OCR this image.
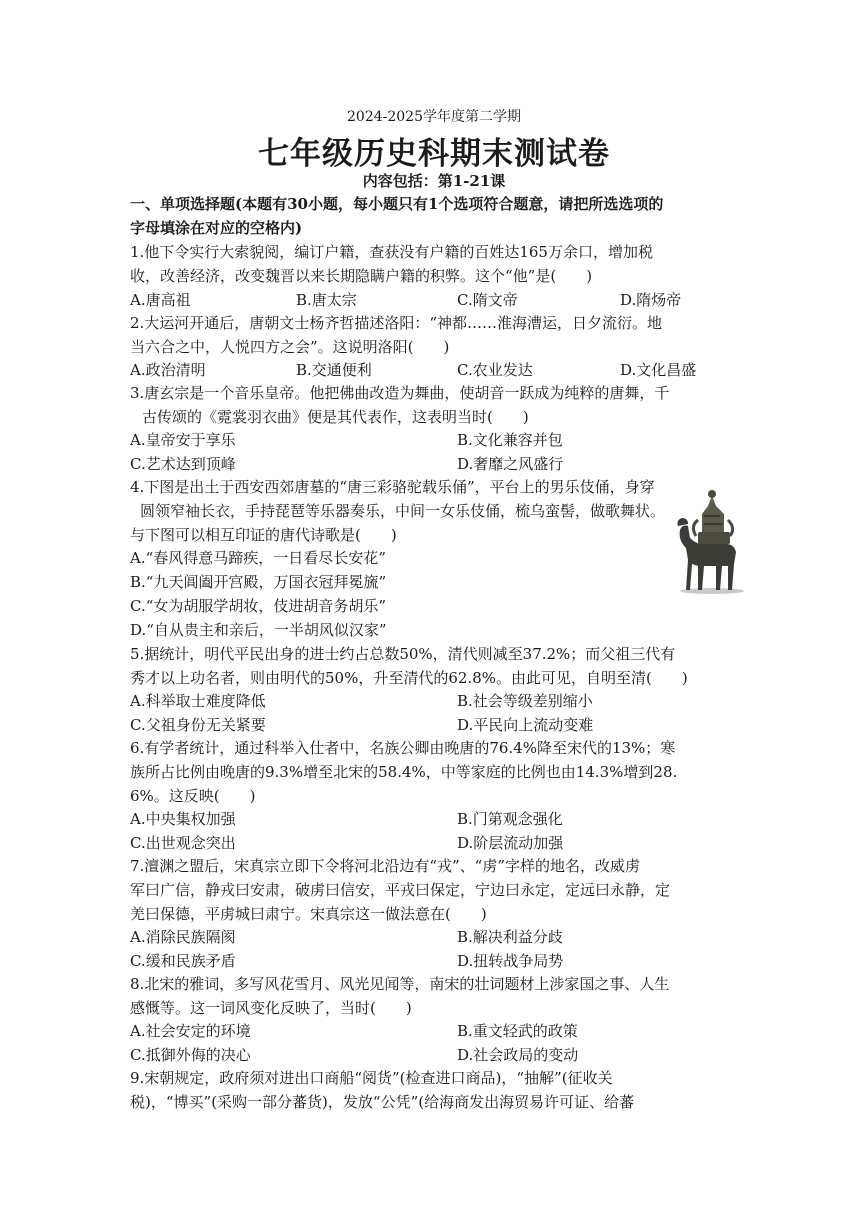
2024-2025学年度第二学期
七年级历史科期末测试卷
内容包括：第1-21课
一、单项选择题(本题有30小题，每小题只有1个选项符合题意，请把所选选项的
字母填涂在对应的空格内)

1.他下令实行大索貌阅，编订户籍，查获没有户籍的百姓达165万余口，增加税

收，改善经济，改变魏晋以来长期隐瞒户籍的积弊。这个“他”是(　　)

A.唐高祖	B.唐太宗	C.隋文帝	D.隋炀帝

2.大运河开通后，唐朝文士杨齐哲描述洛阳：“神都……淮海漕运，日夕流衍。地

当六合之中，人悦四方之会”。这说明洛阳(　　)

A.政治清明	B.交通便利	C.农业发达	D.文化昌盛

3.唐玄宗是一个音乐皇帝。他把佛曲改造为舞曲，使胡音一跃成为纯粹的唐舞，千

古传颂的《霓裳羽衣曲》便是其代表作，这表明当时(　　)

A.皇帝安于享乐	B.文化兼容并包
C.艺术达到顶峰	D.奢靡之风盛行

4.下图是出土于西安西郊唐墓的“唐三彩骆驼载乐俑”，平台上的男乐伎俑，身穿

圆领窄袖长衣，手持琵琶等乐器奏乐，中间一女乐伎俑，梳乌蛮髻，做歌舞状。

与下图可以相互印证的唐代诗歌是(　　)

A.“春风得意马蹄疾，一日看尽长安花”
B.“九天阊阖开宫殿，万国衣冠拜冕旒”
C.“女为胡服学胡妆，伎进胡音务胡乐”
D.“自从贵主和亲后，一半胡风似汉家”

5.据统计，明代平民出身的进士约占总数50%，清代则减至37.2%；而父祖三代有

秀才以上功名者，则由明代的50%，升至清代的62.8%。由此可见，自明至清(　　)

A.科举取士难度降低	B.社会等级差别缩小
C.父祖身份无关紧要	D.平民向上流动变难

6.有学者统计，通过科举入仕者中，名族公卿由晚唐的76.4%降至宋代的13%；寒

族所占比例由晚唐的9.3%增至北宋的58.4%，中等家庭的比例也由14.3%增到28.

6%。这反映(　　)

A.中央集权加强	B.门第观念强化
C.出世观念突出	D.阶层流动加强

7.澶渊之盟后，宋真宗立即下令将河北沿边有“戎”、“虏”字样的地名，改威虏

军曰广信，静戎曰安肃，破虏曰信安，平戎曰保定，宁边曰永定，定远曰永静，定

羌曰保德，平虏城曰肃宁。宋真宗这一做法意在(　　)

A.消除民族隔阂	B.解决利益分歧
C.缓和民族矛盾	D.扭转战争局势

8.北宋的雅词，多写风花雪月、风光见闻等，南宋的壮词题材上涉家国之事、人生

感慨等。这一词风变化反映了，当时(　　)

A.社会安定的环境	B.重文轻武的政策
C.抵御外侮的决心	D.社会政局的变动

9.宋朝规定，政府须对进出口商船“阅货”(检查进口商品)，“抽解”(征收关

税)，“博买”(采购一部分蕃货)，发放“公凭”(给海商发出海贸易许可证、给蕃
